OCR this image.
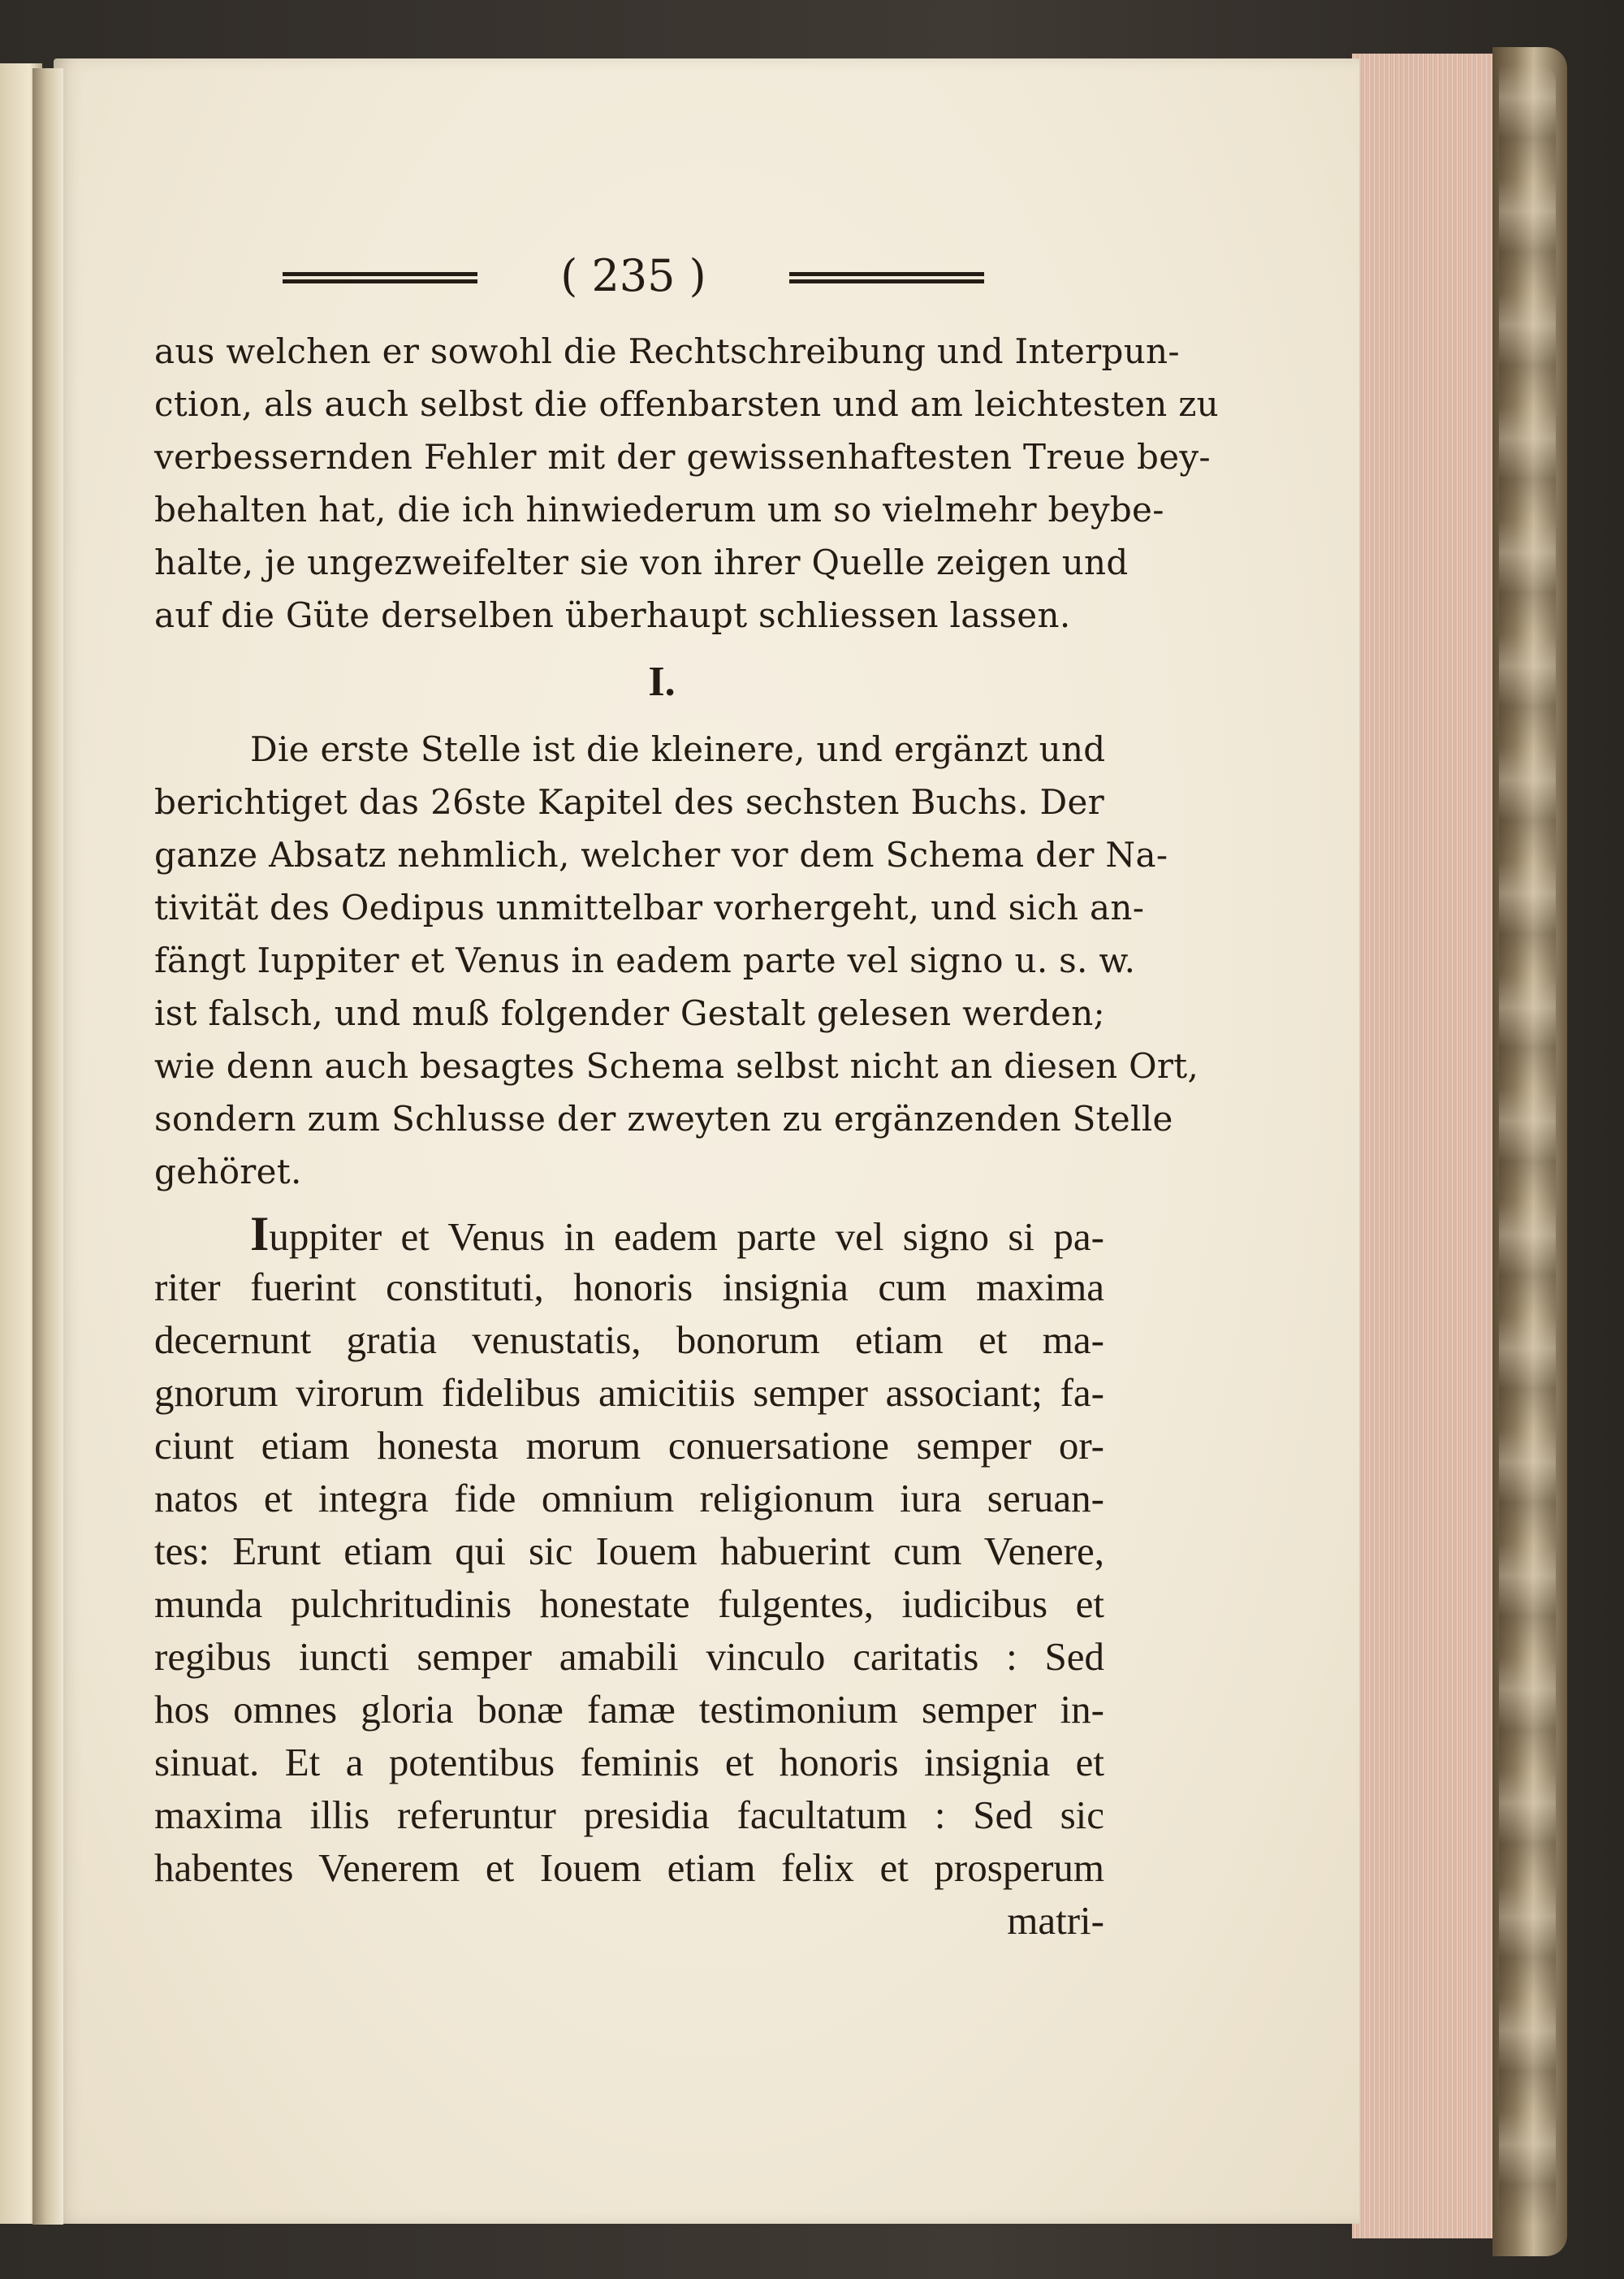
( 235 )
aus welchen er sowohl die Rechtschreibung und Interpun-
ction, als auch selbst die offenbarsten und am leichtesten zu
verbessernden Fehler mit der gewissenhaftesten Treue bey-
behalten hat, die ich hinwiederum um so vielmehr beybe-
halte, je ungezweifelter sie von ihrer Quelle zeigen und
auf die Güte derselben überhaupt schliessen lassen.
I.
Die erste Stelle ist die kleinere, und ergänzt und
berichtiget das 26ste Kapitel des sechsten Buchs. Der
ganze Absatz nehmlich, welcher vor dem Schema der Na-
tivität des Oedipus unmittelbar vorhergeht, und sich an-
fängt Iuppiter et Venus in eadem parte vel signo u. s. w.
ist falsch, und muß folgender Gestalt gelesen werden;
wie denn auch besagtes Schema selbst nicht an diesen Ort,
sondern zum Schlusse der zweyten zu ergänzenden Stelle
gehöret.
Iuppiter et Venus in eadem parte vel signo si pa-
riter fuerint constituti, honoris insignia cum maxima
decernunt gratia venustatis, bonorum etiam et ma-
gnorum virorum fidelibus amicitiis semper associant; fa-
ciunt etiam honesta morum conuersatione semper or-
natos et integra fide omnium religionum iura seruan-
tes: Erunt etiam qui sic Iouem habuerint cum Venere,
munda pulchritudinis honestate fulgentes, iudicibus et
regibus iuncti semper amabili vinculo caritatis : Sed
hos omnes gloria bonæ famæ testimonium semper in-
sinuat. Et a potentibus feminis et honoris insignia et
maxima illis referuntur presidia facultatum : Sed sic
habentes Venerem et Iouem etiam felix et prosperum
matri-
